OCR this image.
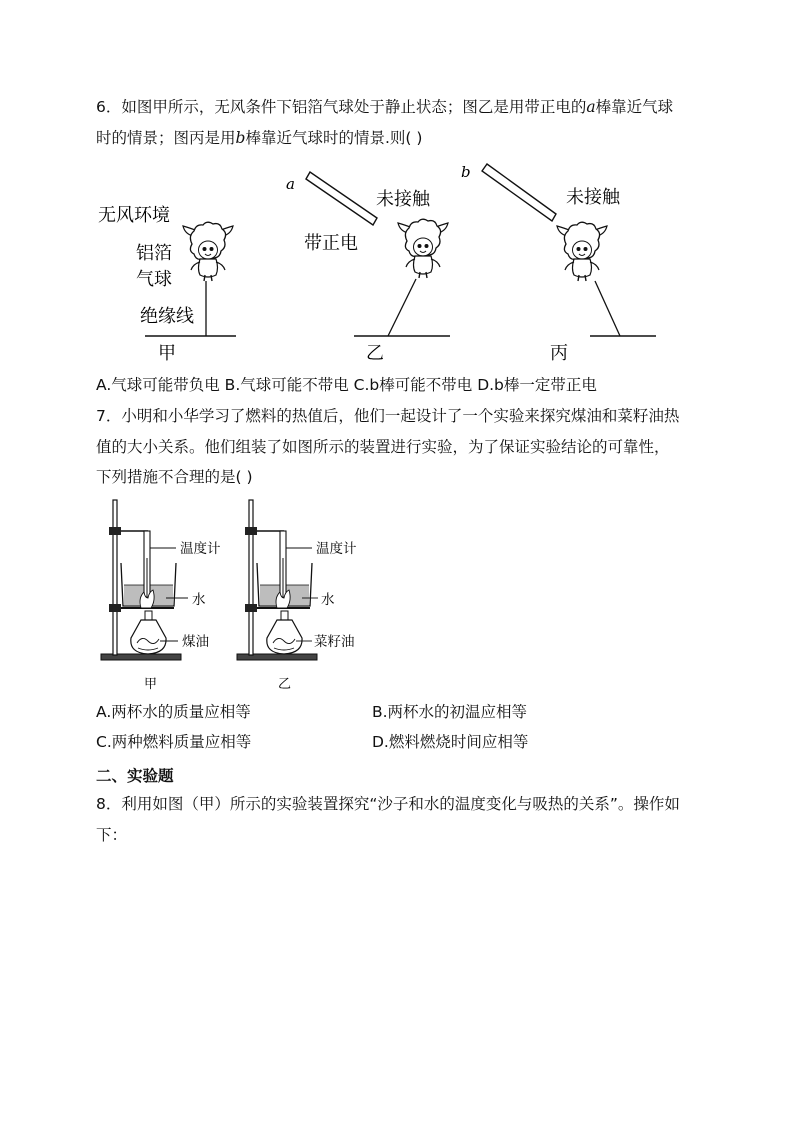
6．如图甲所示，无风条件下铝箔气球处于静止状态；图乙是用带正电的a棒靠近气球
时的情景；图丙是用b棒靠近气球时的情景.则( )
无风环境
铝箔
气球
绝缘线
甲
a
未接触
带正电
乙
b
未接触
丙
A.气球可能带负电 B.气球可能不带电 C.b棒可能不带电 D.b棒一定带正电
7．小明和小华学习了燃料的热值后，他们一起设计了一个实验来探究煤油和菜籽油热
值的大小关系。他们组装了如图所示的装置进行实验，为了保证实验结论的可靠性，
下列措施不合理的是( )
温度计
水
煤油
甲
温度计
水
菜籽油
乙
A.两杯水的质量应相等	B.两杯水的初温应相等
C.两种燃料质量应相等	D.燃料燃烧时间应相等
二、实验题
8．利用如图（甲）所示的实验装置探究“沙子和水的温度变化与吸热的关系”。操作如
下：
